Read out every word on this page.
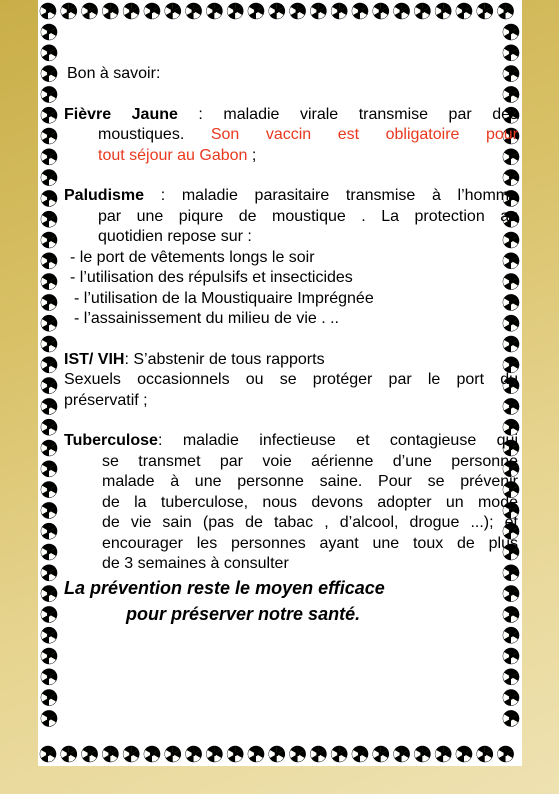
Bon à savoir:

Fièvre Jaune : maladie virale transmise par des

moustiques. Son vaccin est obligatoire pour

tout séjour au Gabon ;

Paludisme : maladie parasitaire transmise à l’homme

par une piqure de moustique . La protection au

quotidien repose sur :

- le port de vêtements longs le soir

- l’utilisation des répulsifs et insecticides

- l’utilisation de la Moustiquaire Imprégnée

- l’assainissement du milieu de vie . ..

IST/ VIH: S’abstenir de tous rapports

Sexuels occasionnels ou se protéger par le port du

préservatif ;

Tuberculose: maladie infectieuse et contagieuse qui

se transmet par voie aérienne d’une personne

malade à une personne saine. Pour se prévenir

de la tuberculose, nous devons adopter un mode

de vie sain (pas de tabac , d’alcool, drogue ...); et

encourager les personnes ayant une toux de plus

de 3 semaines à consulter

La prévention reste le moyen efficace

pour préserver notre santé.
